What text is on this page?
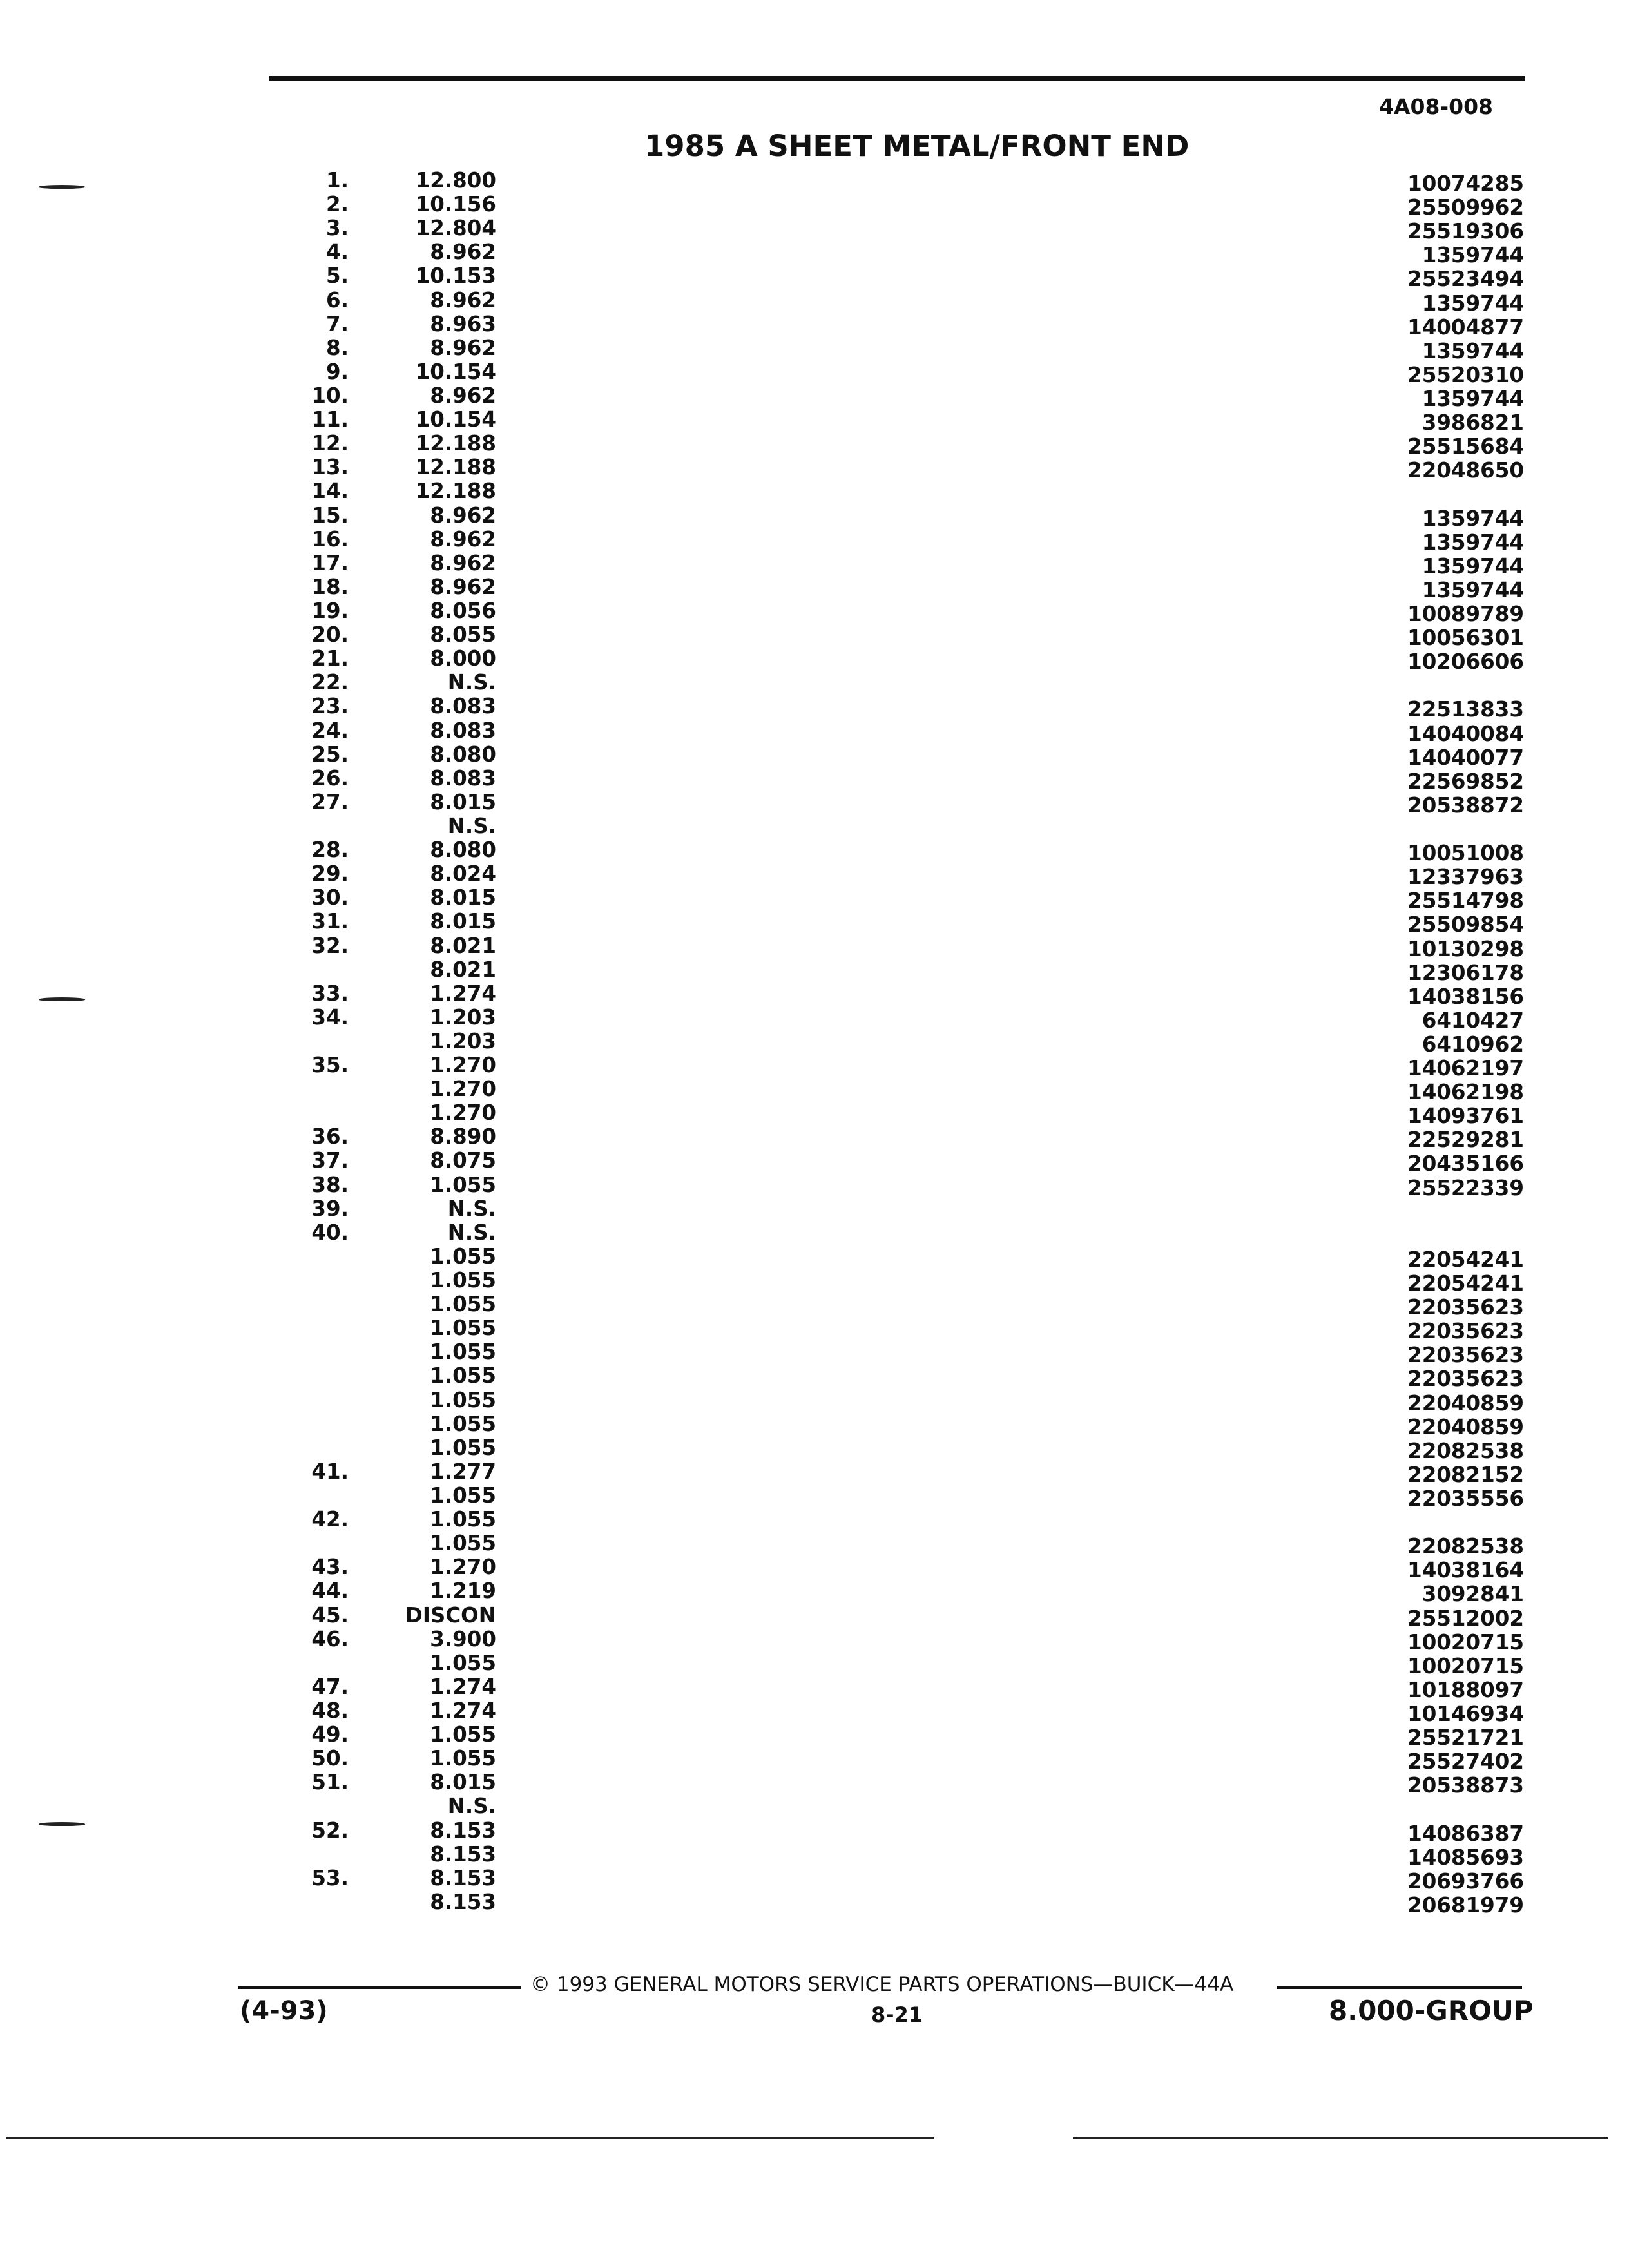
4A08-008
1985 A SHEET METAL/FRONT END
1.	12.800	10074285
2.	10.156	25509962
3.	12.804	25519306
4.	8.962	1359744
5.	10.153	25523494
6.	8.962	1359744
7.	8.963	14004877
8.	8.962	1359744
9.	10.154	25520310
10.	8.962	1359744
11.	10.154	3986821
12.	12.188	25515684
13.	12.188	22048650
14.	12.188
15.	8.962	1359744
16.	8.962	1359744
17.	8.962	1359744
18.	8.962	1359744
19.	8.056	10089789
20.	8.055	10056301
21.	8.000	10206606
22.	N.S.
23.	8.083	22513833
24.	8.083	14040084
25.	8.080	14040077
26.	8.083	22569852
27.	8.015	20538872
N.S.
28.	8.080	10051008
29.	8.024	12337963
30.	8.015	25514798
31.	8.015	25509854
32.	8.021	10130298
8.021	12306178
33.	1.274	14038156
34.	1.203	6410427
1.203	6410962
35.	1.270	14062197
1.270	14062198
1.270	14093761
36.	8.890	22529281
37.	8.075	20435166
38.	1.055	25522339
39.	N.S.
40.	N.S.
1.055	22054241
1.055	22054241
1.055	22035623
1.055	22035623
1.055	22035623
1.055	22035623
1.055	22040859
1.055	22040859
1.055	22082538
41.	1.277	22082152
1.055	22035556
42.	1.055
1.055	22082538
43.	1.270	14038164
44.	1.219	3092841
45.	DISCON	25512002
46.	3.900	10020715
1.055	10020715
47.	1.274	10188097
48.	1.274	10146934
49.	1.055	25521721
50.	1.055	25527402
51.	8.015	20538873
N.S.
52.	8.153	14086387
8.153	14085693
53.	8.153	20693766
8.153	20681979
© 1993 GENERAL MOTORS SERVICE PARTS OPERATIONS—BUICK—44A
(4-93)	8-21	8.000-GROUP
